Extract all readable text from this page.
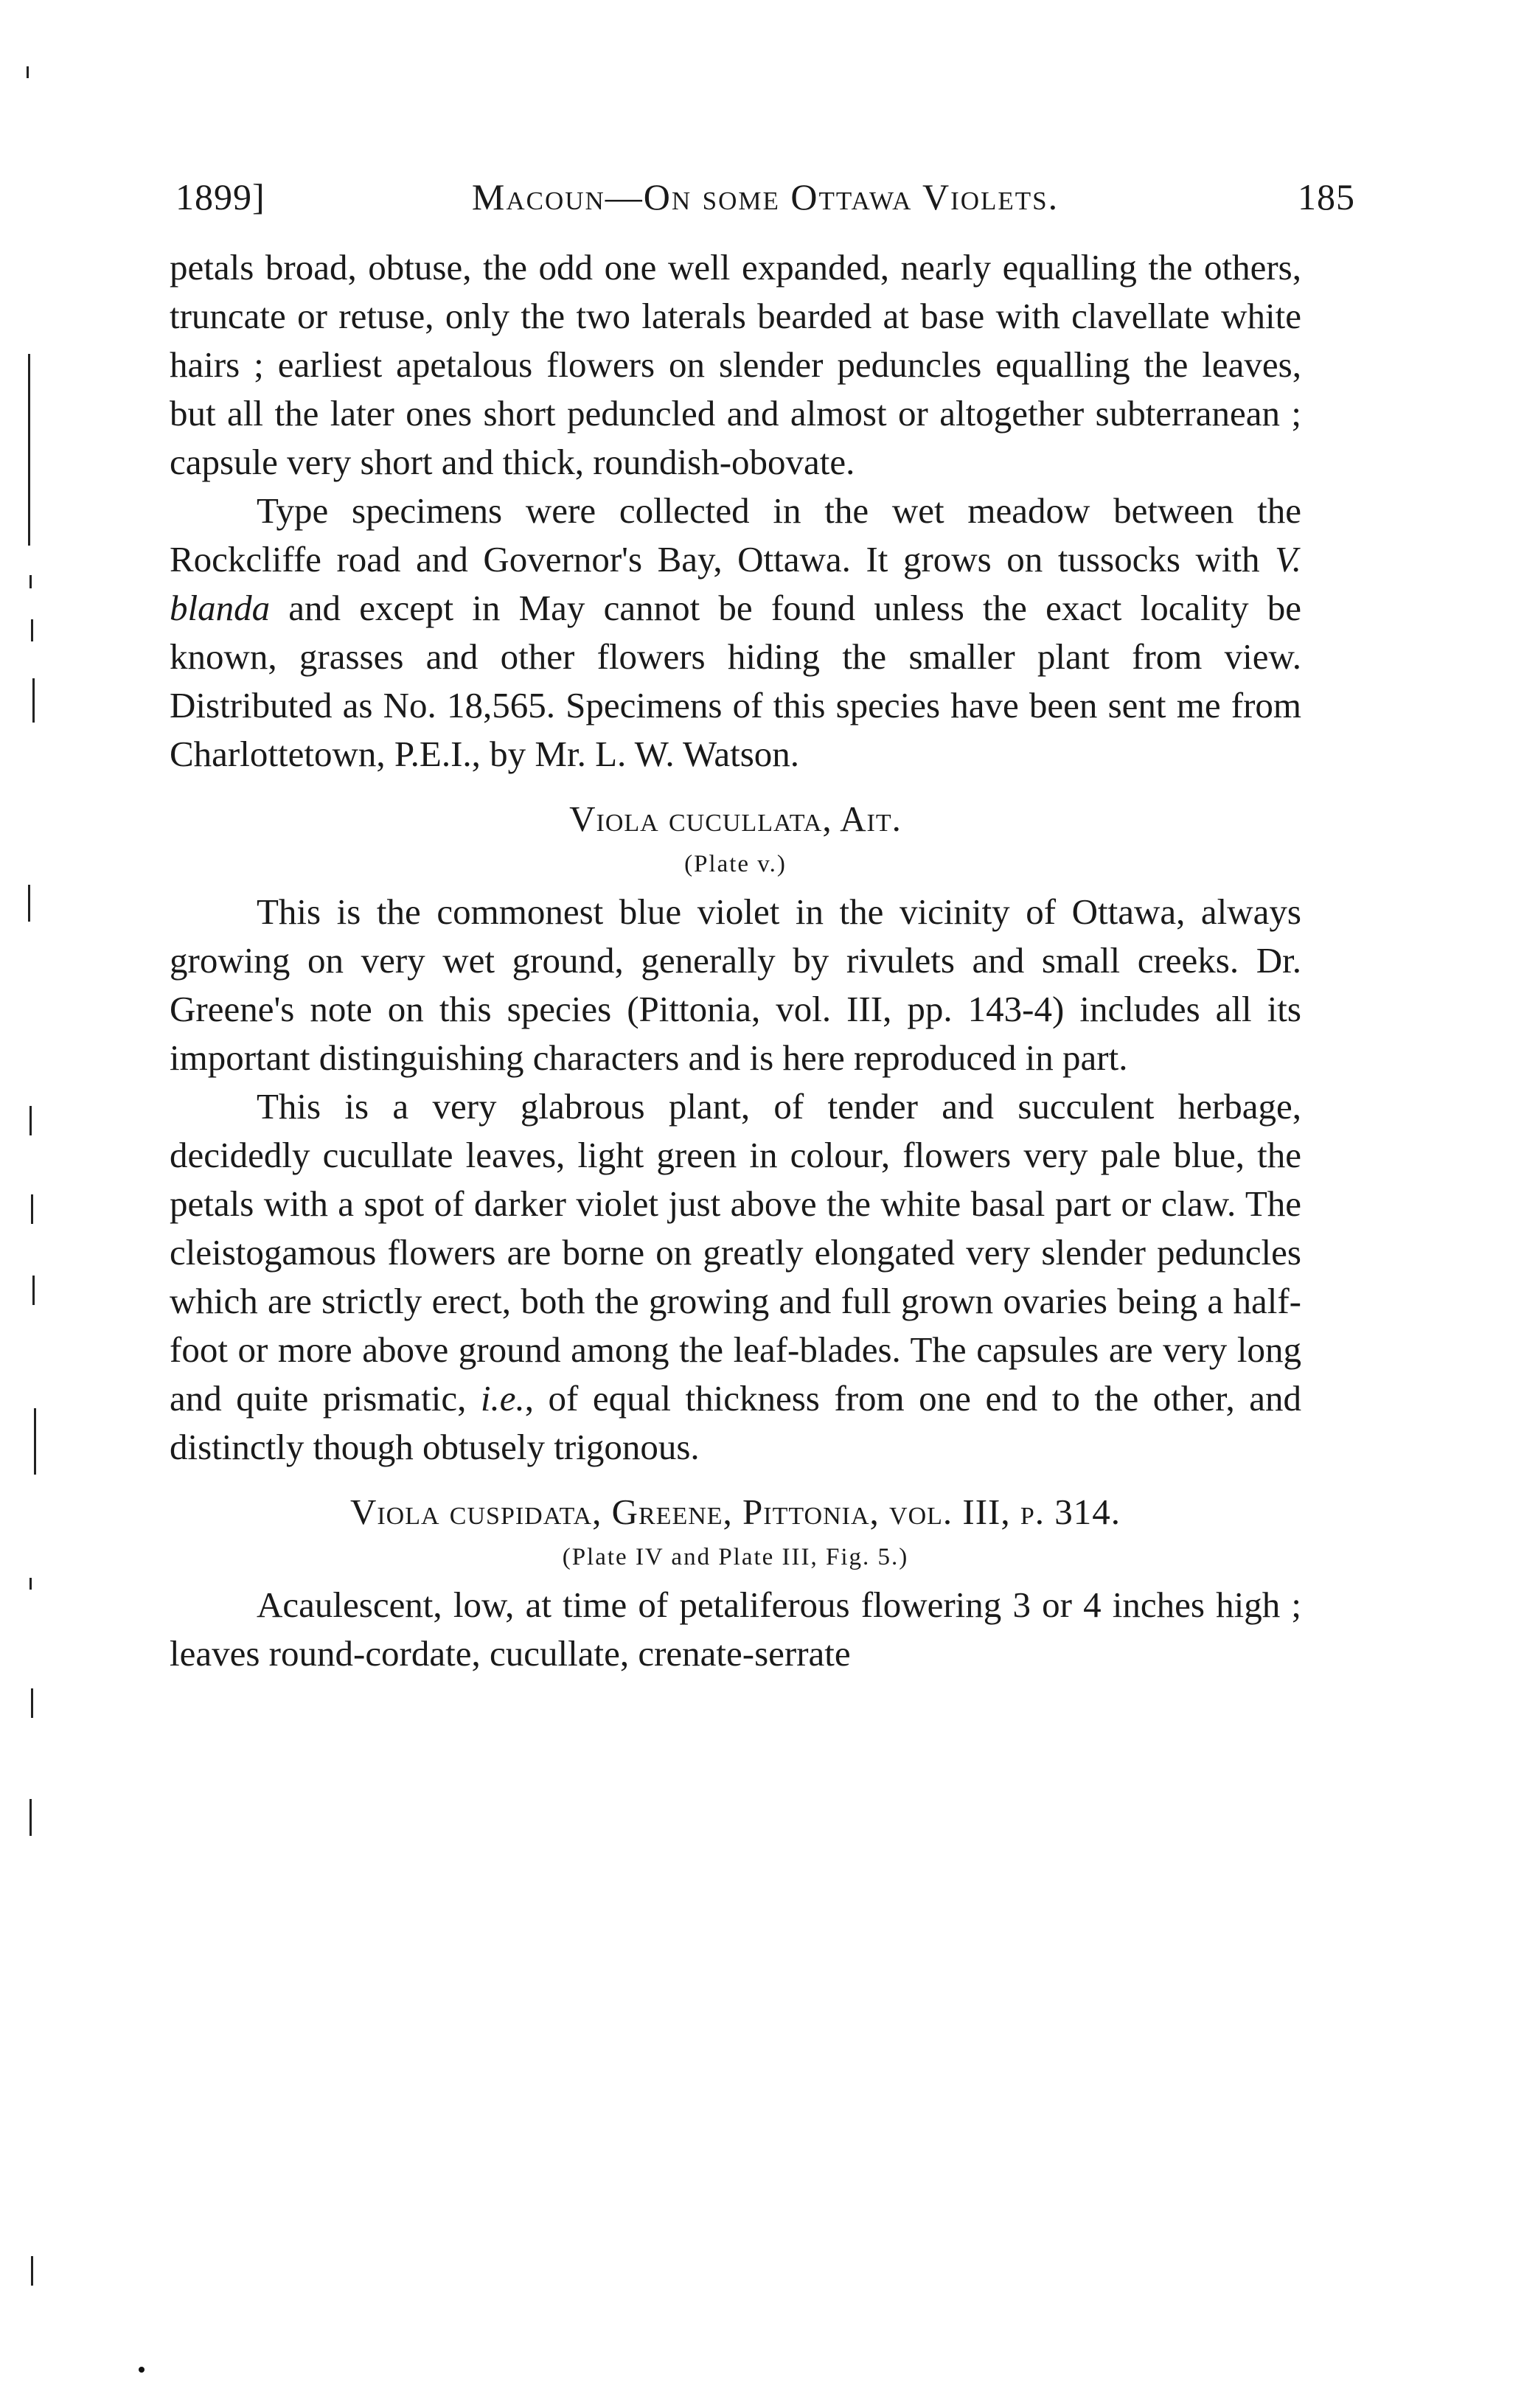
1899]	Macoun—On some Ottawa Violets.	185

petals broad, obtuse, the odd one well expanded, nearly equalling the others, truncate or retuse, only the two laterals bearded at base with clavellate white hairs ; earliest apetalous flowers on slender peduncles equalling the leaves, but all the later ones short peduncled and almost or altogether subterranean ; capsule very short and thick, roundish-obovate.

Type specimens were collected in the wet meadow between the Rockcliffe road and Governor's Bay, Ottawa. It grows on tussocks with V. blanda and except in May cannot be found unless the exact locality be known, grasses and other flowers hiding the smaller plant from view. Distributed as No. 18,565. Specimens of this species have been sent me from Charlottetown, P.E.I., by Mr. L. W. Watson.

Viola cucullata, Ait.
(Plate v.)

This is the commonest blue violet in the vicinity of Ottawa, always growing on very wet ground, generally by rivulets and small creeks. Dr. Greene's note on this species (Pittonia, vol. III, pp. 143-4) includes all its important distinguishing characters and is here reproduced in part.

This is a very glabrous plant, of tender and succulent herbage, decidedly cucullate leaves, light green in colour, flowers very pale blue, the petals with a spot of darker violet just above the white basal part or claw. The cleistogamous flowers are borne on greatly elongated very slender peduncles which are strictly erect, both the growing and full grown ovaries being a half-foot or more above ground among the leaf-blades. The capsules are very long and quite prismatic, i.e., of equal thickness from one end to the other, and distinctly though obtusely trigonous.

Viola cuspidata, Greene, Pittonia, vol. III, p. 314.
(Plate IV and Plate III, Fig. 5.)

Acaulescent, low, at time of petaliferous flowering 3 or 4 inches high ; leaves round-cordate, cucullate, crenate-serrate
